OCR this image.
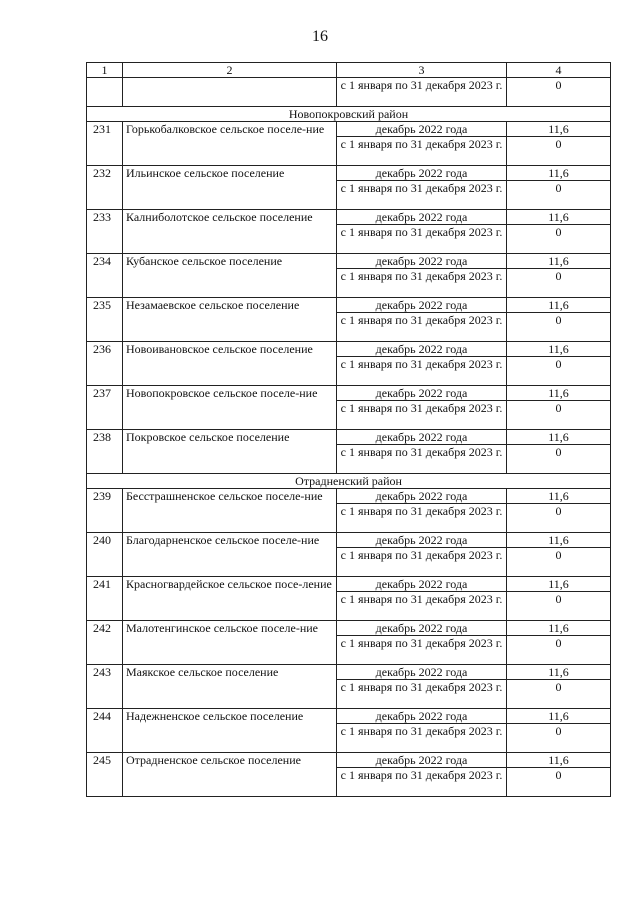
16
1	2	3	4
		с 1 января по 31 декабря 2023 г.	0
Новопокровский район			
231	Горькобалковское сельское поселе-ние	декабрь 2022 года	11,6
		с 1 января по 31 декабря 2023 г.	0
232	Ильинское сельское поселение	декабрь 2022 года	11,6
		с 1 января по 31 декабря 2023 г.	0
233	Калниболотское сельское поселение	декабрь 2022 года	11,6
		с 1 января по 31 декабря 2023 г.	0
234	Кубанское сельское поселение	декабрь 2022 года	11,6
		с 1 января по 31 декабря 2023 г.	0
235	Незамаевское сельское поселение	декабрь 2022 года	11,6
		с 1 января по 31 декабря 2023 г.	0
236	Новоивановское сельское поселение	декабрь 2022 года	11,6
		с 1 января по 31 декабря 2023 г.	0
237	Новопокровское сельское поселе-ние	декабрь 2022 года	11,6
		с 1 января по 31 декабря 2023 г.	0
238	Покровское сельское поселение	декабрь 2022 года	11,6
		с 1 января по 31 декабря 2023 г.	0
Отрадненский район			
239	Бесстрашненское сельское поселе-ние	декабрь 2022 года	11,6
		с 1 января по 31 декабря 2023 г.	0
240	Благодарненское сельское поселе-ние	декабрь 2022 года	11,6
		с 1 января по 31 декабря 2023 г.	0
241	Красногвардейское сельское посе-ление	декабрь 2022 года	11,6
		с 1 января по 31 декабря 2023 г.	0
242	Малотенгинское сельское поселе-ние	декабрь 2022 года	11,6
		с 1 января по 31 декабря 2023 г.	0
243	Маякское сельское поселение	декабрь 2022 года	11,6
		с 1 января по 31 декабря 2023 г.	0
244	Надежненское сельское поселение	декабрь 2022 года	11,6
		с 1 января по 31 декабря 2023 г.	0
245	Отрадненское сельское поселение	декабрь 2022 года	11,6
		с 1 января по 31 декабря 2023 г.	0
